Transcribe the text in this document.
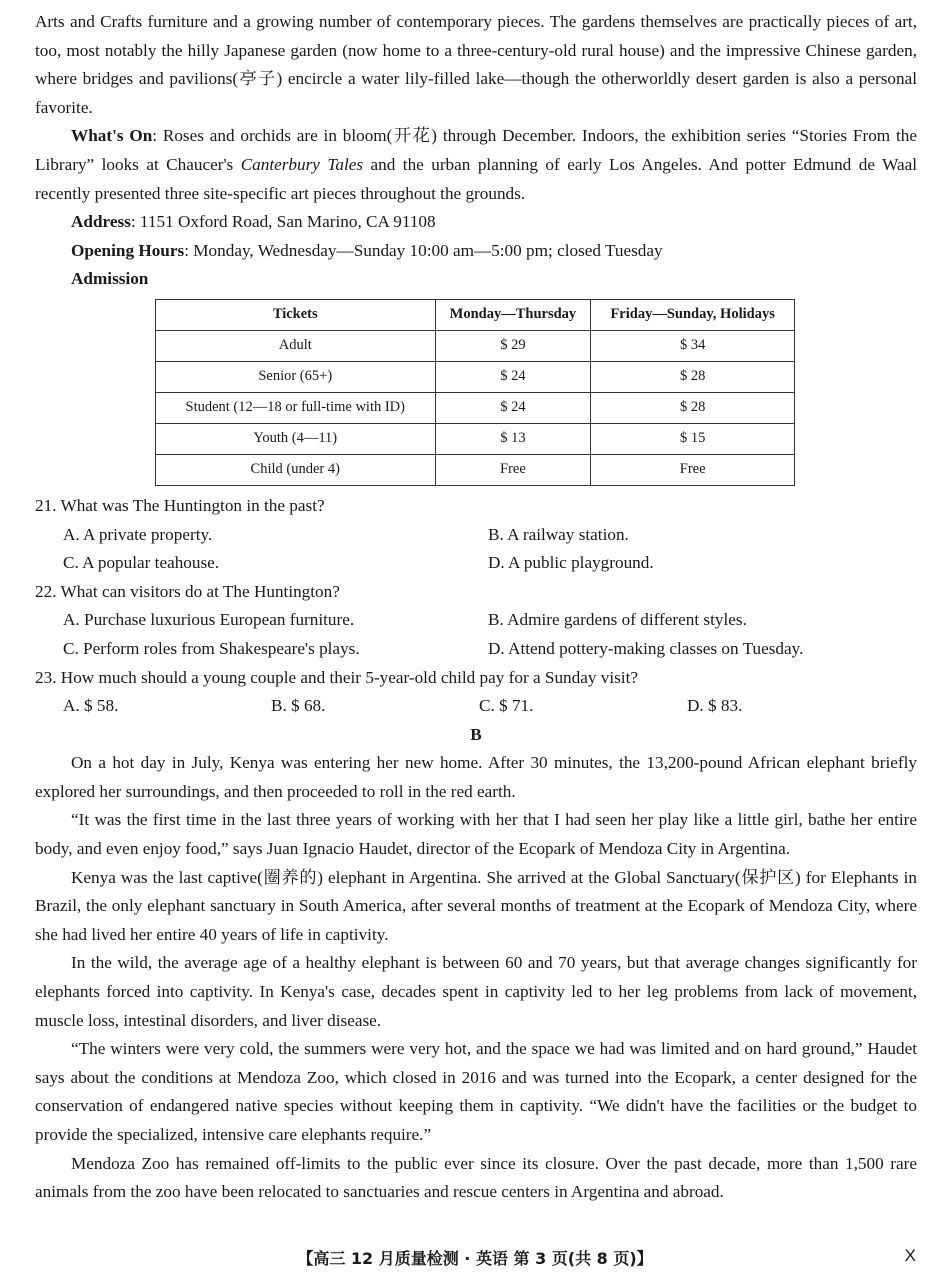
Arts and Crafts furniture and a growing number of contemporary pieces. The gardens themselves are practically pieces of art, too, most notably the hilly Japanese garden (now home to a three-century-old rural house) and the impressive Chinese garden, where bridges and pavilions(亭子) encircle a water lily-filled lake—though the otherworldly desert garden is also a personal favorite.

What's On: Roses and orchids are in bloom(开花) through December. Indoors, the exhibition series “Stories From the Library” looks at Chaucer's Canterbury Tales and the urban planning of early Los Angeles. And potter Edmund de Waal recently presented three site-specific art pieces throughout the grounds.

Address: 1151 Oxford Road, San Marino, CA 91108
Opening Hours: Monday, Wednesday—Sunday 10:00 am—5:00 pm; closed Tuesday
Admission
Tickets	Monday—Thursday	Friday—Sunday, Holidays
Adult	$ 29	$ 34
Senior (65+)	$ 24	$ 28
Student (12—18 or full-time with ID)	$ 24	$ 28
Youth (4—11)	$ 13	$ 15
Child (under 4)	Free	Free
21. What was The Huntington in the past?
A. A private property.	B. A railway station.
C. A popular teahouse.	D. A public playground.
22. What can visitors do at The Huntington?
A. Purchase luxurious European furniture.	B. Admire gardens of different styles.
C. Perform roles from Shakespeare's plays.	D. Attend pottery-making classes on Tuesday.
23. How much should a young couple and their 5-year-old child pay for a Sunday visit?
A. $ 58.	B. $ 68.	C. $ 71.	D. $ 83.
B

On a hot day in July, Kenya was entering her new home. After 30 minutes, the 13,200-pound African elephant briefly explored her surroundings, and then proceeded to roll in the red earth.

“It was the first time in the last three years of working with her that I had seen her play like a little girl, bathe her entire body, and even enjoy food,” says Juan Ignacio Haudet, director of the Ecopark of Mendoza City in Argentina.

Kenya was the last captive(圈养的) elephant in Argentina. She arrived at the Global Sanctuary(保护区) for Elephants in Brazil, the only elephant sanctuary in South America, after several months of treatment at the Ecopark of Mendoza City, where she had lived her entire 40 years of life in captivity.

In the wild, the average age of a healthy elephant is between 60 and 70 years, but that average changes significantly for elephants forced into captivity. In Kenya's case, decades spent in captivity led to her leg problems from lack of movement, muscle loss, intestinal disorders, and liver disease.

“The winters were very cold, the summers were very hot, and the space we had was limited and on hard ground,” Haudet says about the conditions at Mendoza Zoo, which closed in 2016 and was turned into the Ecopark, a center designed for the conservation of endangered native species without keeping them in captivity. “We didn't have the facilities or the budget to provide the specialized, intensive care elephants require.”

Mendoza Zoo has remained off-limits to the public ever since its closure. Over the past decade, more than 1,500 rare animals from the zoo have been relocated to sanctuaries and rescue centers in Argentina and abroad.

【高三 12 月质量检测 · 英语 第 3 页(共 8 页)】	X
